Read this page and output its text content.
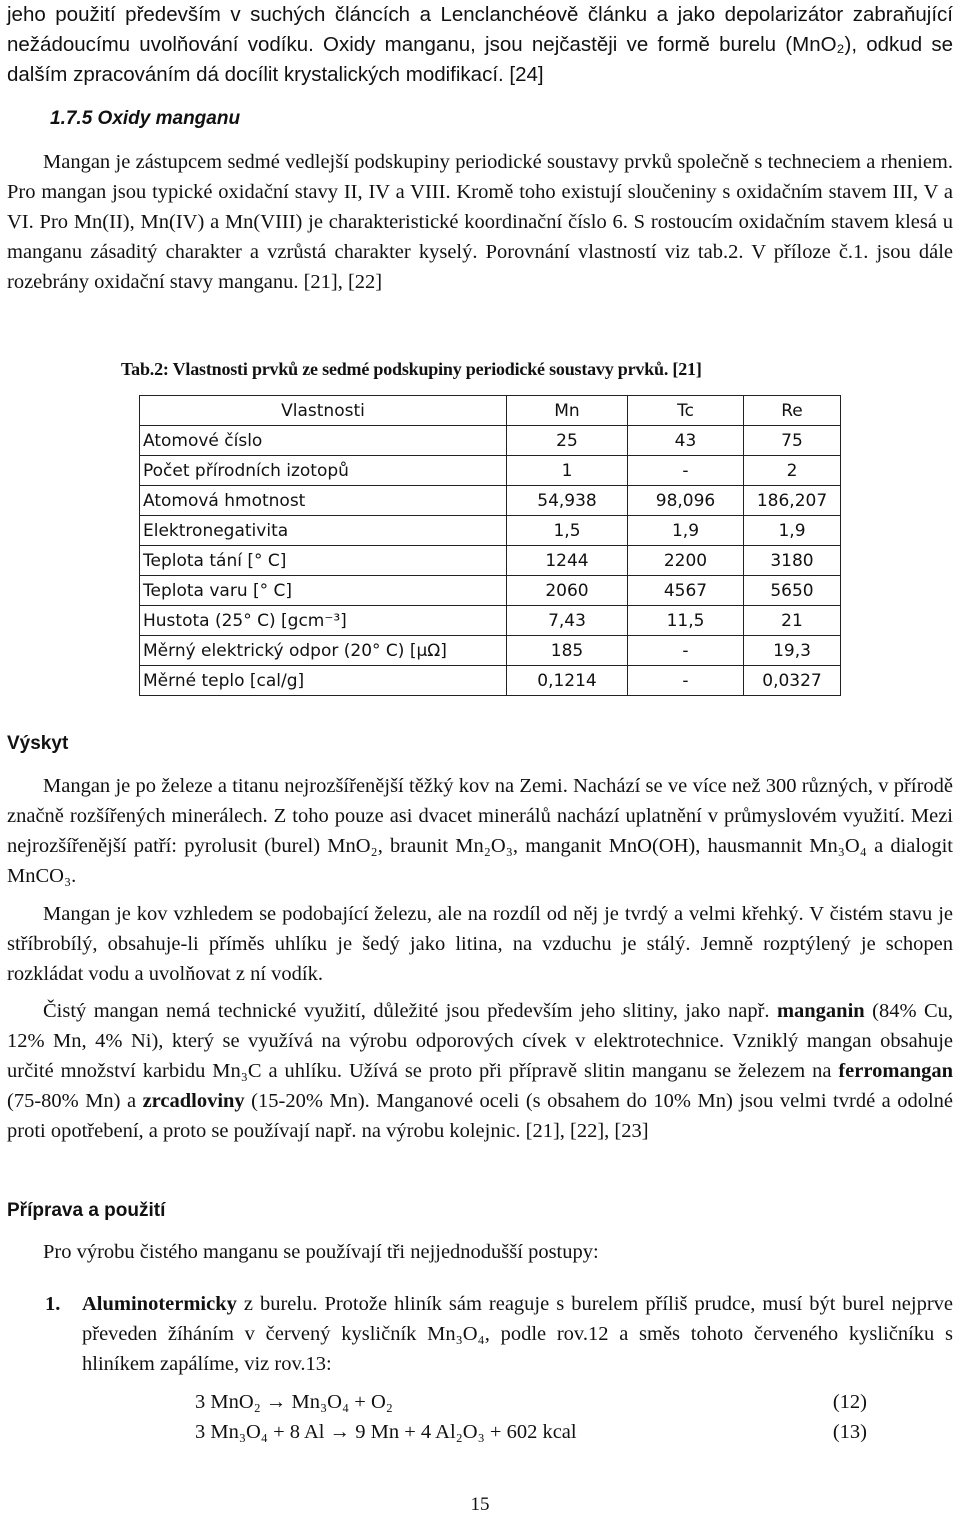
jeho použití především v suchých článcích a Lenclanchéově článku a jako depolarizátor zabraňující nežádoucímu uvolňování vodíku. Oxidy manganu, jsou nejčastěji ve formě burelu (MnO₂), odkud se dalším zpracováním dá docílit krystalických modifikací. [24]

1.7.5 Oxidy manganu

Mangan je zástupcem sedmé vedlejší podskupiny periodické soustavy prvků společně s techneciem a rheniem. Pro mangan jsou typické oxidační stavy II, IV a VIII. Kromě toho existují sloučeniny s oxidačním stavem III, V a VI. Pro Mn(II), Mn(IV) a Mn(VIII) je charakteristické koordinační číslo 6. S rostoucím oxidačním stavem klesá u manganu zásaditý charakter a vzrůstá charakter kyselý. Porovnání vlastností viz tab.2. V příloze č.1. jsou dále rozebrány oxidační stavy manganu. [21], [22]

Tab.2: Vlastnosti prvků ze sedmé podskupiny periodické soustavy prvků. [21]
Vlastnosti	Mn	Tc	Re
Atomové číslo	25	43	75
Počet přírodních izotopů	1	-	2
Atomová hmotnost	54,938	98,096	186,207
Elektronegativita	1,5	1,9	1,9
Teplota tání [° C]	1244	2200	3180
Teplota varu [° C]	2060	4567	5650
Hustota (25° C) [gcm⁻³]	7,43	11,5	21
Měrný elektrický odpor (20° C) [μΩ]	185	-	19,3
Měrné teplo [cal/g]	0,1214	-	0,0327
Výskyt

Mangan je po železe a titanu nejrozšířenější těžký kov na Zemi. Nachází se ve více než 300 různých, v přírodě značně rozšířených minerálech. Z toho pouze asi dvacet minerálů nachází uplatnění v průmyslovém využití. Mezi nejrozšířenější patří: pyrolusit (burel) MnO₂, braunit Mn₂O₃, manganit MnO(OH), hausmannit Mn₃O₄ a dialogit MnCO₃.

Mangan je kov vzhledem se podobající železu, ale na rozdíl od něj je tvrdý a velmi křehký. V čistém stavu je stříbrobílý, obsahuje-li příměs uhlíku je šedý jako litina, na vzduchu je stálý. Jemně rozptýlený je schopen rozkládat vodu a uvolňovat z ní vodík.

Čistý mangan nemá technické využití, důležité jsou především jeho slitiny, jako např. manganin (84% Cu, 12% Mn, 4% Ni), který se využívá na výrobu odporových cívek v elektrotechnice. Vzniklý mangan obsahuje určité množství karbidu Mn₃C a uhlíku. Užívá se proto při přípravě slitin manganu se železem na ferromangan (75-80% Mn) a zrcadloviny (15-20% Mn). Manganové oceli (s obsahem do 10% Mn) jsou velmi tvrdé a odolné proti opotřebení, a proto se používají např. na výrobu kolejnic. [21], [22], [23]

Příprava a použití

Pro výrobu čistého manganu se používají tři nejjednodušší postupy:

1. Aluminotermicky z burelu. Protože hliník sám reaguje s burelem příliš prudce, musí být burel nejprve převeden žíháním v červený kysličník Mn₃O₄, podle rov.12 a směs tohoto červeného kysličníku s hliníkem zapálíme, viz rov.13:
3 MnO₂ → Mn₃O₄ + O₂	(12)
3 Mn₃O₄ + 8 Al → 9 Mn + 4 Al₂O₃ + 602 kcal	(13)
15
